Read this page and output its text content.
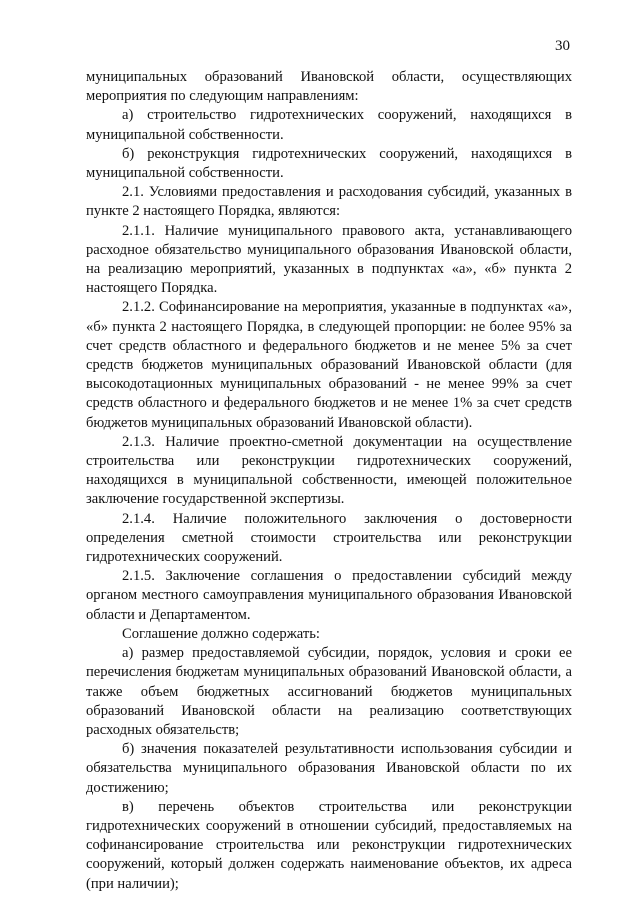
30

муниципальных образований Ивановской области, осуществляющих мероприятия по следующим направлениям:

а) строительство гидротехнических сооружений, находящихся в муниципальной собственности.

б) реконструкция гидротехнических сооружений, находящихся в муниципальной собственности.

2.1. Условиями предоставления и расходования субсидий, указанных в пункте 2 настоящего Порядка, являются:

2.1.1. Наличие муниципального правового акта, устанавливающего расходное обязательство муниципального образования Ивановской области, на реализацию мероприятий, указанных в подпунктах «а», «б» пункта 2 настоящего Порядка.

2.1.2. Софинансирование на мероприятия, указанные в подпунктах «а», «б» пункта 2 настоящего Порядка, в следующей пропорции: не более 95% за счет средств областного и федерального бюджетов и не менее 5% за счет средств бюджетов муниципальных образований Ивановской области (для высокодотационных муниципальных образований - не менее 99% за счет средств областного и федерального бюджетов и не менее 1% за счет средств бюджетов муниципальных образований Ивановской области).

2.1.3. Наличие проектно-сметной документации на осуществление строительства или реконструкции гидротехнических сооружений, находящихся в муниципальной собственности, имеющей положительное заключение государственной экспертизы.

2.1.4. Наличие положительного заключения о достоверности определения сметной стоимости строительства или реконструкции гидротехнических сооружений.

2.1.5. Заключение соглашения о предоставлении субсидий между органом местного самоуправления муниципального образования Ивановской области и Департаментом.

Соглашение должно содержать:

а) размер предоставляемой субсидии, порядок, условия и сроки ее перечисления бюджетам муниципальных образований Ивановской области, а также объем бюджетных ассигнований бюджетов муниципальных образований Ивановской области на реализацию соответствующих расходных обязательств;

б) значения показателей результативности использования субсидии и обязательства муниципального образования Ивановской области по их достижению;

в) перечень объектов строительства или реконструкции гидротехнических сооружений в отношении субсидий, предоставляемых на софинансирование строительства или реконструкции гидротехнических сооружений, который должен содержать наименование объектов, их адреса (при наличии);
